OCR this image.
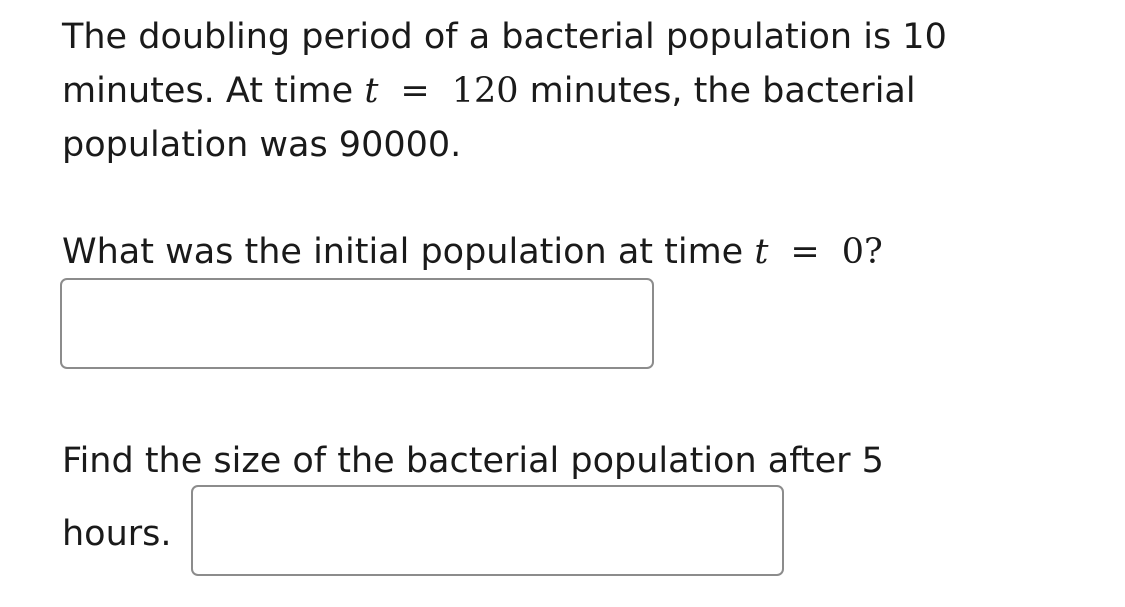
The doubling period of a bacterial population is 10
minutes. At time t = 120 minutes, the bacterial
population was 90000.
What was the initial population at time t = 0?
Find the size of the bacterial population after 5
hours.
